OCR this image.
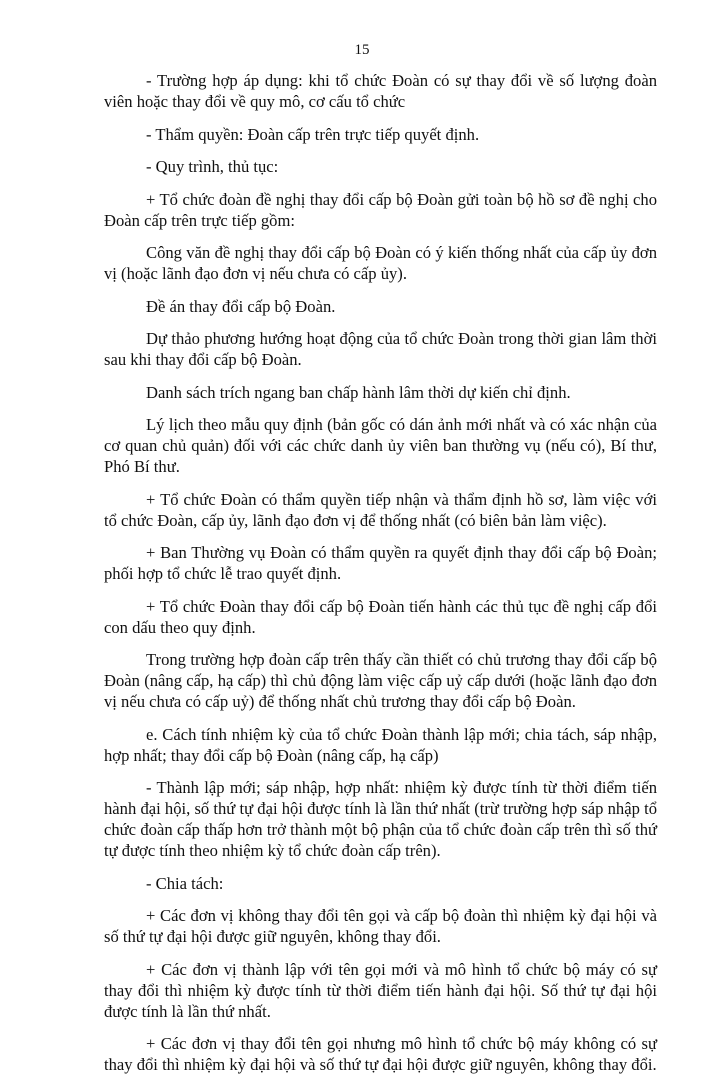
15

- Trường hợp áp dụng: khi tổ chức Đoàn có sự thay đổi về số lượng đoàn viên hoặc thay đổi về quy mô, cơ cấu tổ chức

- Thẩm quyền: Đoàn cấp trên trực tiếp quyết định.

- Quy trình, thủ tục:

+ Tổ chức đoàn đề nghị thay đổi cấp bộ Đoàn gửi toàn bộ hồ sơ đề nghị cho Đoàn cấp trên trực tiếp gồm:

Công văn đề nghị thay đổi cấp bộ Đoàn có ý kiến thống nhất của cấp ủy đơn vị (hoặc lãnh đạo đơn vị nếu chưa có cấp ủy).

Đề án thay đổi cấp bộ Đoàn.

Dự thảo phương hướng hoạt động của tổ chức Đoàn trong thời gian lâm thời sau khi thay đổi cấp bộ Đoàn.

Danh sách trích ngang ban chấp hành lâm thời dự kiến chỉ định.

Lý lịch theo mẫu quy định (bản gốc có dán ảnh mới nhất và có xác nhận của cơ quan chủ quản) đối với các chức danh ủy viên ban thường vụ (nếu có), Bí thư, Phó Bí thư.

+ Tổ chức Đoàn có thẩm quyền tiếp nhận và thẩm định hồ sơ, làm việc với tổ chức Đoàn, cấp ủy, lãnh đạo đơn vị để thống nhất (có biên bản làm việc).

+ Ban Thường vụ Đoàn có thẩm quyền ra quyết định thay đổi cấp bộ Đoàn; phối hợp tổ chức lễ trao quyết định.

+ Tổ chức Đoàn thay đổi cấp bộ Đoàn tiến hành các thủ tục đề nghị cấp đổi con dấu theo quy định.

Trong trường hợp đoàn cấp trên thấy cần thiết có chủ trương thay đổi cấp bộ Đoàn (nâng cấp, hạ cấp) thì chủ động làm việc cấp uỷ cấp dưới (hoặc lãnh đạo đơn vị nếu chưa có cấp uỷ) để thống nhất chủ trương thay đổi cấp bộ Đoàn.

e. Cách tính nhiệm kỳ của tổ chức Đoàn thành lập mới; chia tách, sáp nhập, hợp nhất; thay đổi cấp bộ Đoàn (nâng cấp, hạ cấp)

- Thành lập mới; sáp nhập, hợp nhất: nhiệm kỳ được tính từ thời điểm tiến hành đại hội, số thứ tự đại hội được tính là lần thứ nhất (trừ trường hợp sáp nhập tổ chức đoàn cấp thấp hơn trở thành một bộ phận của tổ chức đoàn cấp trên thì số thứ tự được tính theo nhiệm kỳ tổ chức đoàn cấp trên).

- Chia tách:

+ Các đơn vị không thay đổi tên gọi và cấp bộ đoàn thì nhiệm kỳ đại hội và số thứ tự đại hội được giữ nguyên, không thay đổi.

+ Các đơn vị thành lập với tên gọi mới và mô hình tổ chức bộ máy có sự thay đổi thì nhiệm kỳ được tính từ thời điểm tiến hành đại hội. Số thứ tự đại hội được tính là lần thứ nhất.

+ Các đơn vị thay đổi tên gọi nhưng mô hình tổ chức bộ máy không có sự thay đổi thì nhiệm kỳ đại hội và số thứ tự đại hội được giữ nguyên, không thay đổi.
